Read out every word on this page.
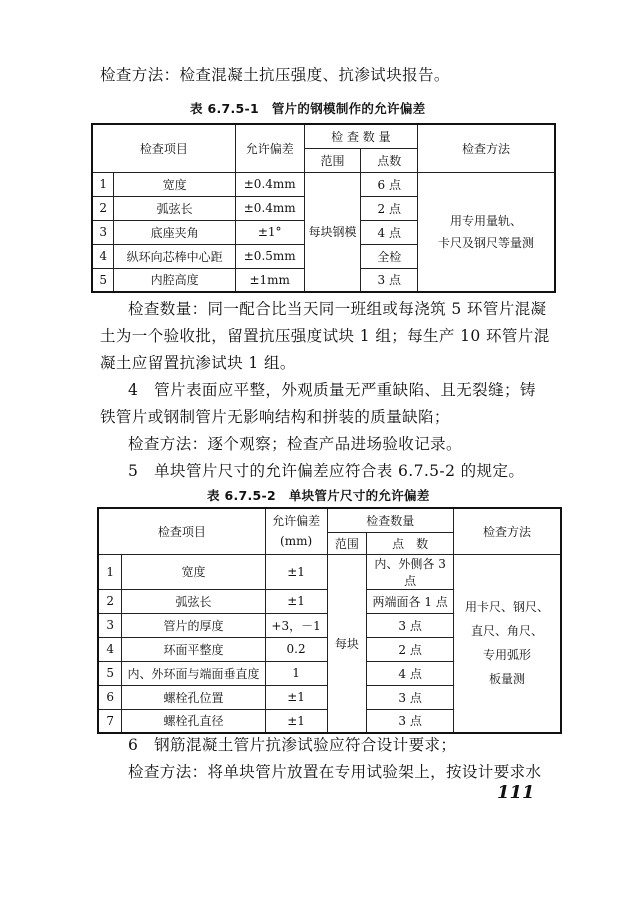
检查方法：检查混凝土抗压强度、抗渗试块报告。
表 6.7.5-1　管片的钢模制作的允许偏差
检查项目		允许偏差	检 查 数 量		检查方法
			范围	点数	
1	宽度	±0.4mm	每块钢模	6 点	用专用量轨、
卡尺及钢尺等量测

2	弧弦长	±0.4mm		2 点	
3	底座夹角	±1°		4 点	
4	纵环向芯棒中心距	±0.5mm		全检	
5	内腔高度	±1mm		3 点	
检查数量：同一配合比当天同一班组或每浇筑 5 环管片混凝
土为一个验收批，留置抗压强度试块 1 组；每生产 10 环管片混
凝土应留置抗渗试块 1 组。
4　管片表面应平整，外观质量无严重缺陷、且无裂缝；铸
铁管片或钢制管片无影响结构和拼装的质量缺陷；
检查方法：逐个观察；检查产品进场验收记录。
5　单块管片尺寸的允许偏差应符合表 6.7.5-2 的规定。
表 6.7.5-2　单块管片尺寸的允许偏差
检查项目		允许偏差
(mm)	检查数量		检查方法
			范围	点　数	
1	宽度	±1	每块	内、外侧各 3 点	用卡尺、钢尺、
直尺、角尺、
专用弧形
板量测

2	弧弦长	±1		两端面各 1 点	
3	管片的厚度	+3，－1		3 点	
4	环面平整度	0.2		2 点	
5	内、外环面与端面垂直度	1		4 点	
6	螺栓孔位置	±1		3 点	
7	螺栓孔直径	±1		3 点	
6　钢筋混凝土管片抗渗试验应符合设计要求；
检查方法：将单块管片放置在专用试验架上，按设计要求水
111
